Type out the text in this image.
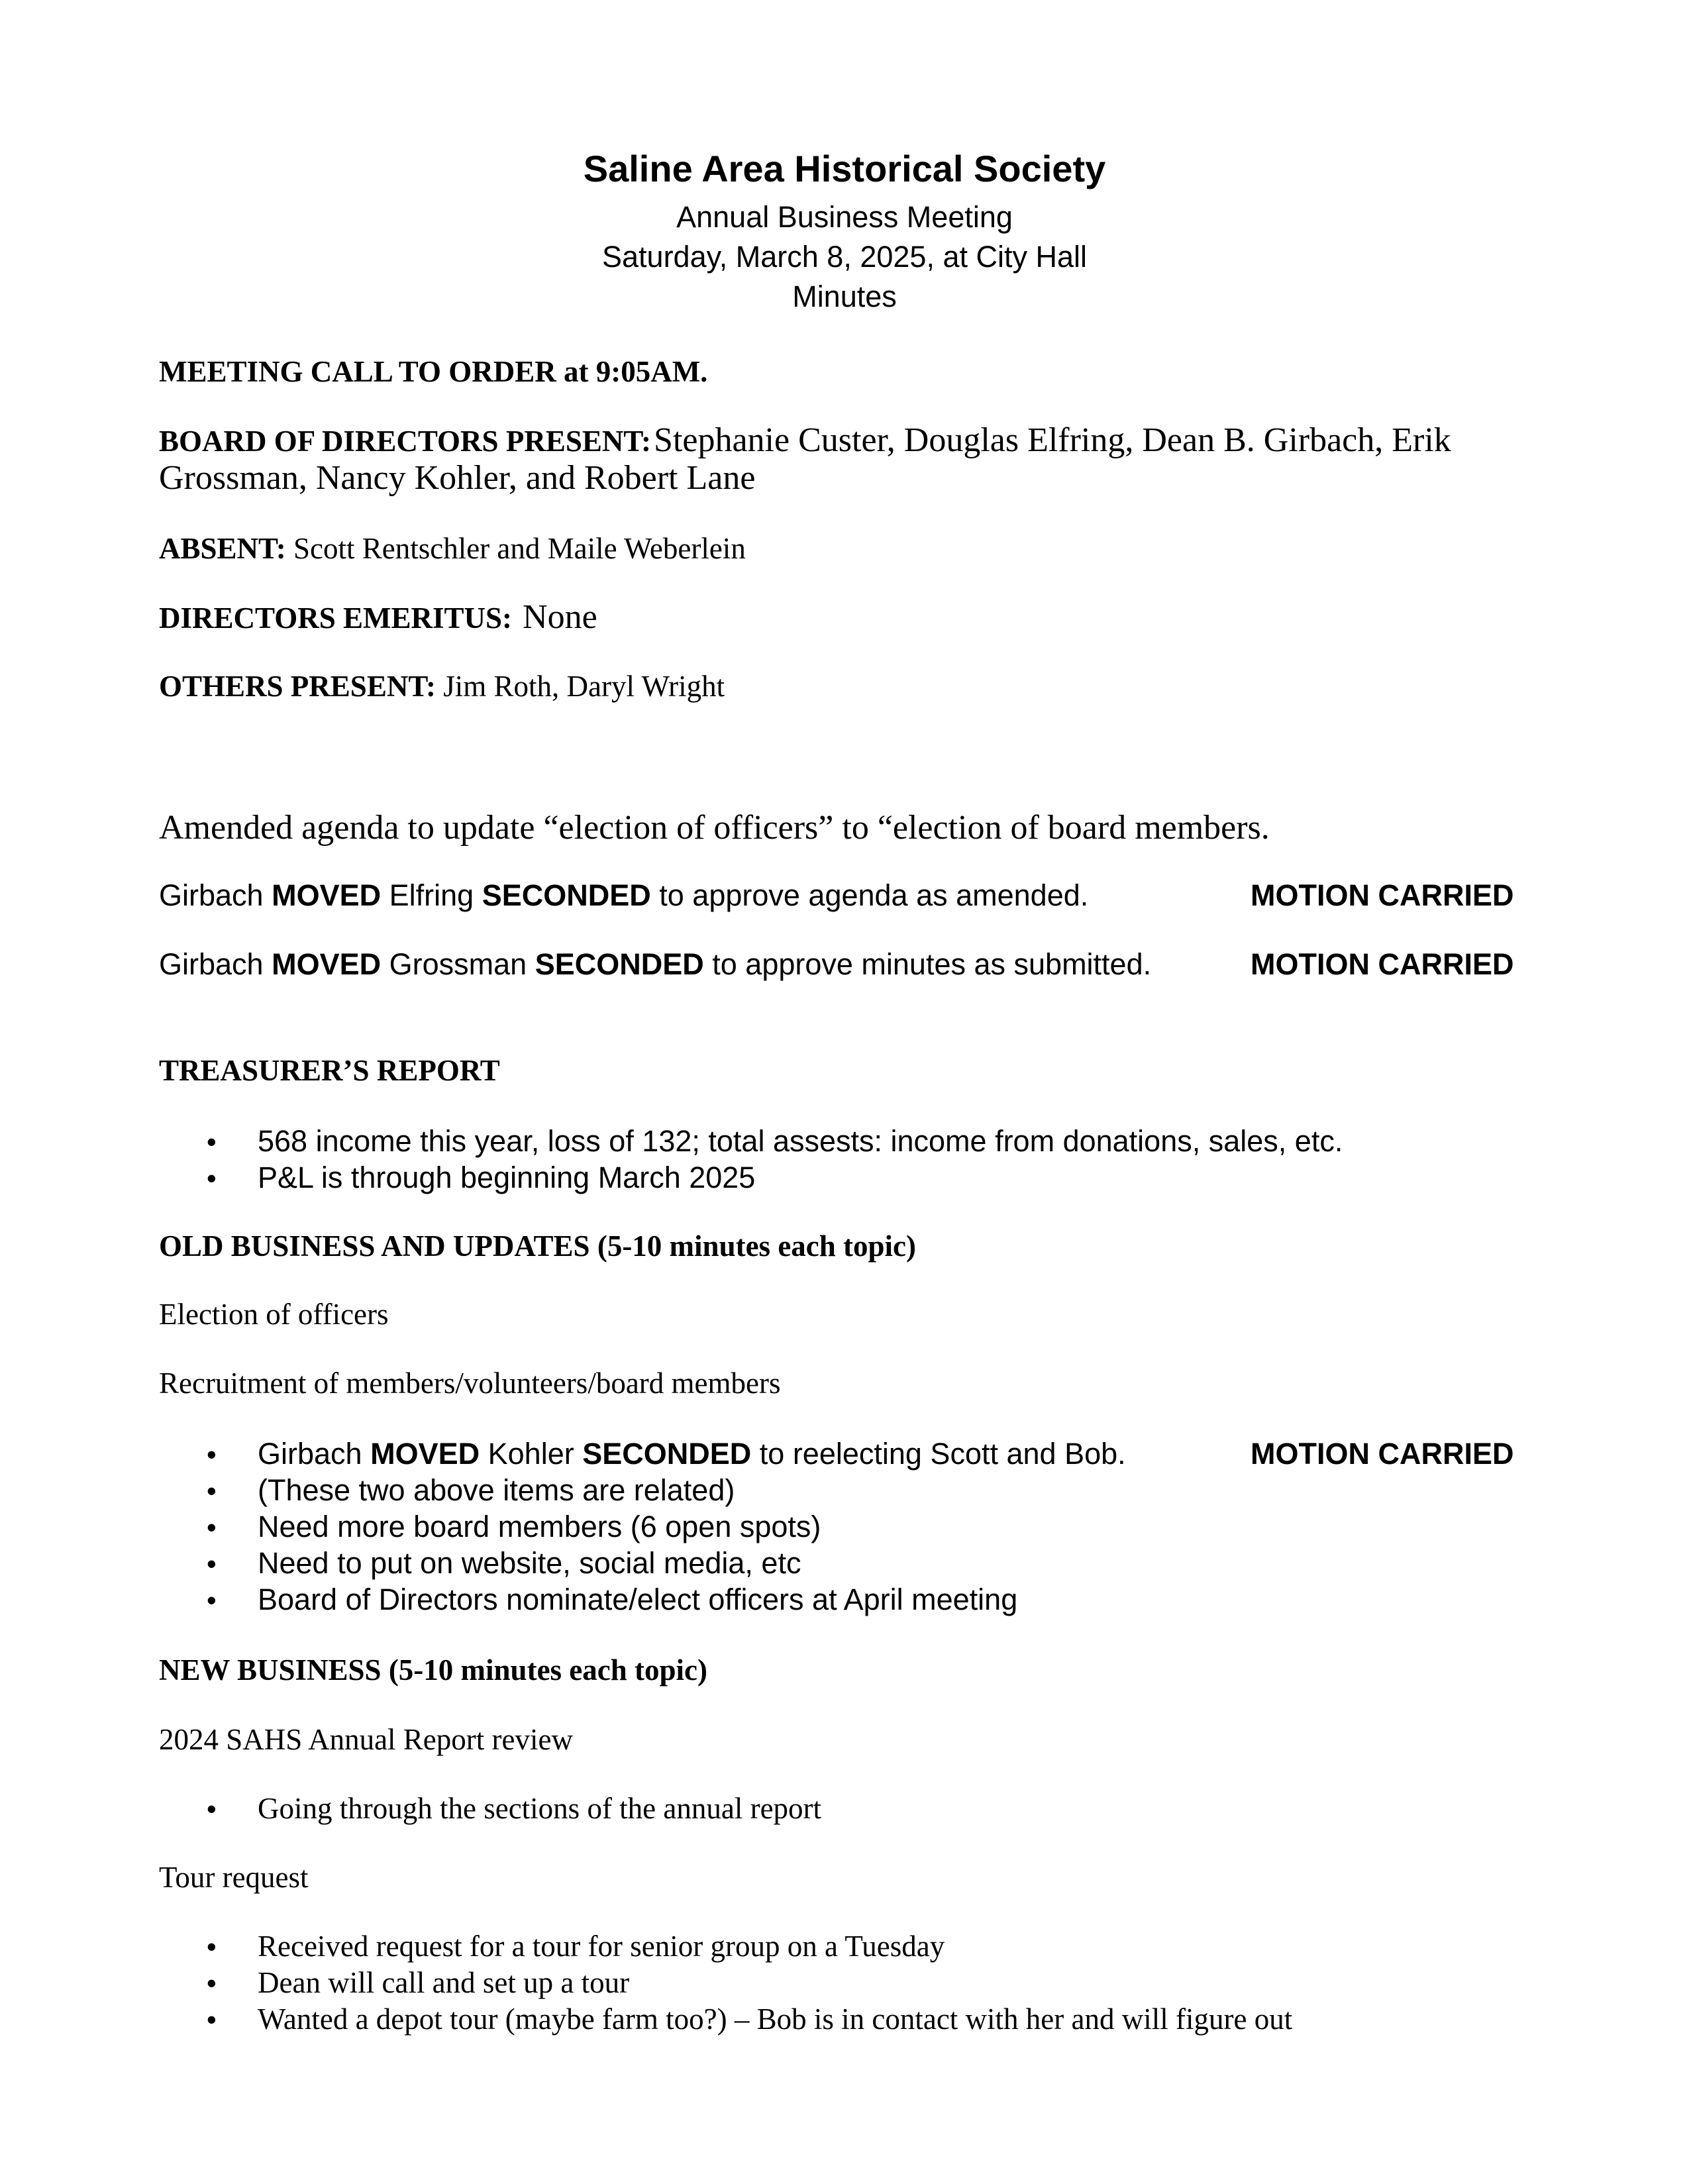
Saline Area Historical Society
Annual Business Meeting
Saturday, March 8, 2025, at City Hall
Minutes
MEETING CALL TO ORDER at 9:05AM.
BOARD OF DIRECTORS PRESENT: Stephanie Custer, Douglas Elfring, Dean B. Girbach, Erik
Grossman, Nancy Kohler, and Robert Lane
ABSENT: Scott Rentschler and Maile Weberlein
DIRECTORS EMERITUS: None
OTHERS PRESENT: Jim Roth, Daryl Wright
Amended agenda to update “election of officers” to “election of board members.
Girbach MOVED Elfring SECONDED to approve agenda as amended.	MOTION CARRIED
Girbach MOVED Grossman SECONDED to approve minutes as submitted.	MOTION CARRIED
TREASURER’S REPORT
• 568 income this year, loss of 132; total assests: income from donations, sales, etc.
• P&L is through beginning March 2025
OLD BUSINESS AND UPDATES (5-10 minutes each topic)
Election of officers
Recruitment of members/volunteers/board members
• Girbach MOVED Kohler SECONDED to reelecting Scott and Bob.	MOTION CARRIED
• (These two above items are related)
• Need more board members (6 open spots)
• Need to put on website, social media, etc
• Board of Directors nominate/elect officers at April meeting
NEW BUSINESS (5-10 minutes each topic)
2024 SAHS Annual Report review
• Going through the sections of the annual report
Tour request
• Received request for a tour for senior group on a Tuesday
• Dean will call and set up a tour
• Wanted a depot tour (maybe farm too?) – Bob is in contact with her and will figure out
